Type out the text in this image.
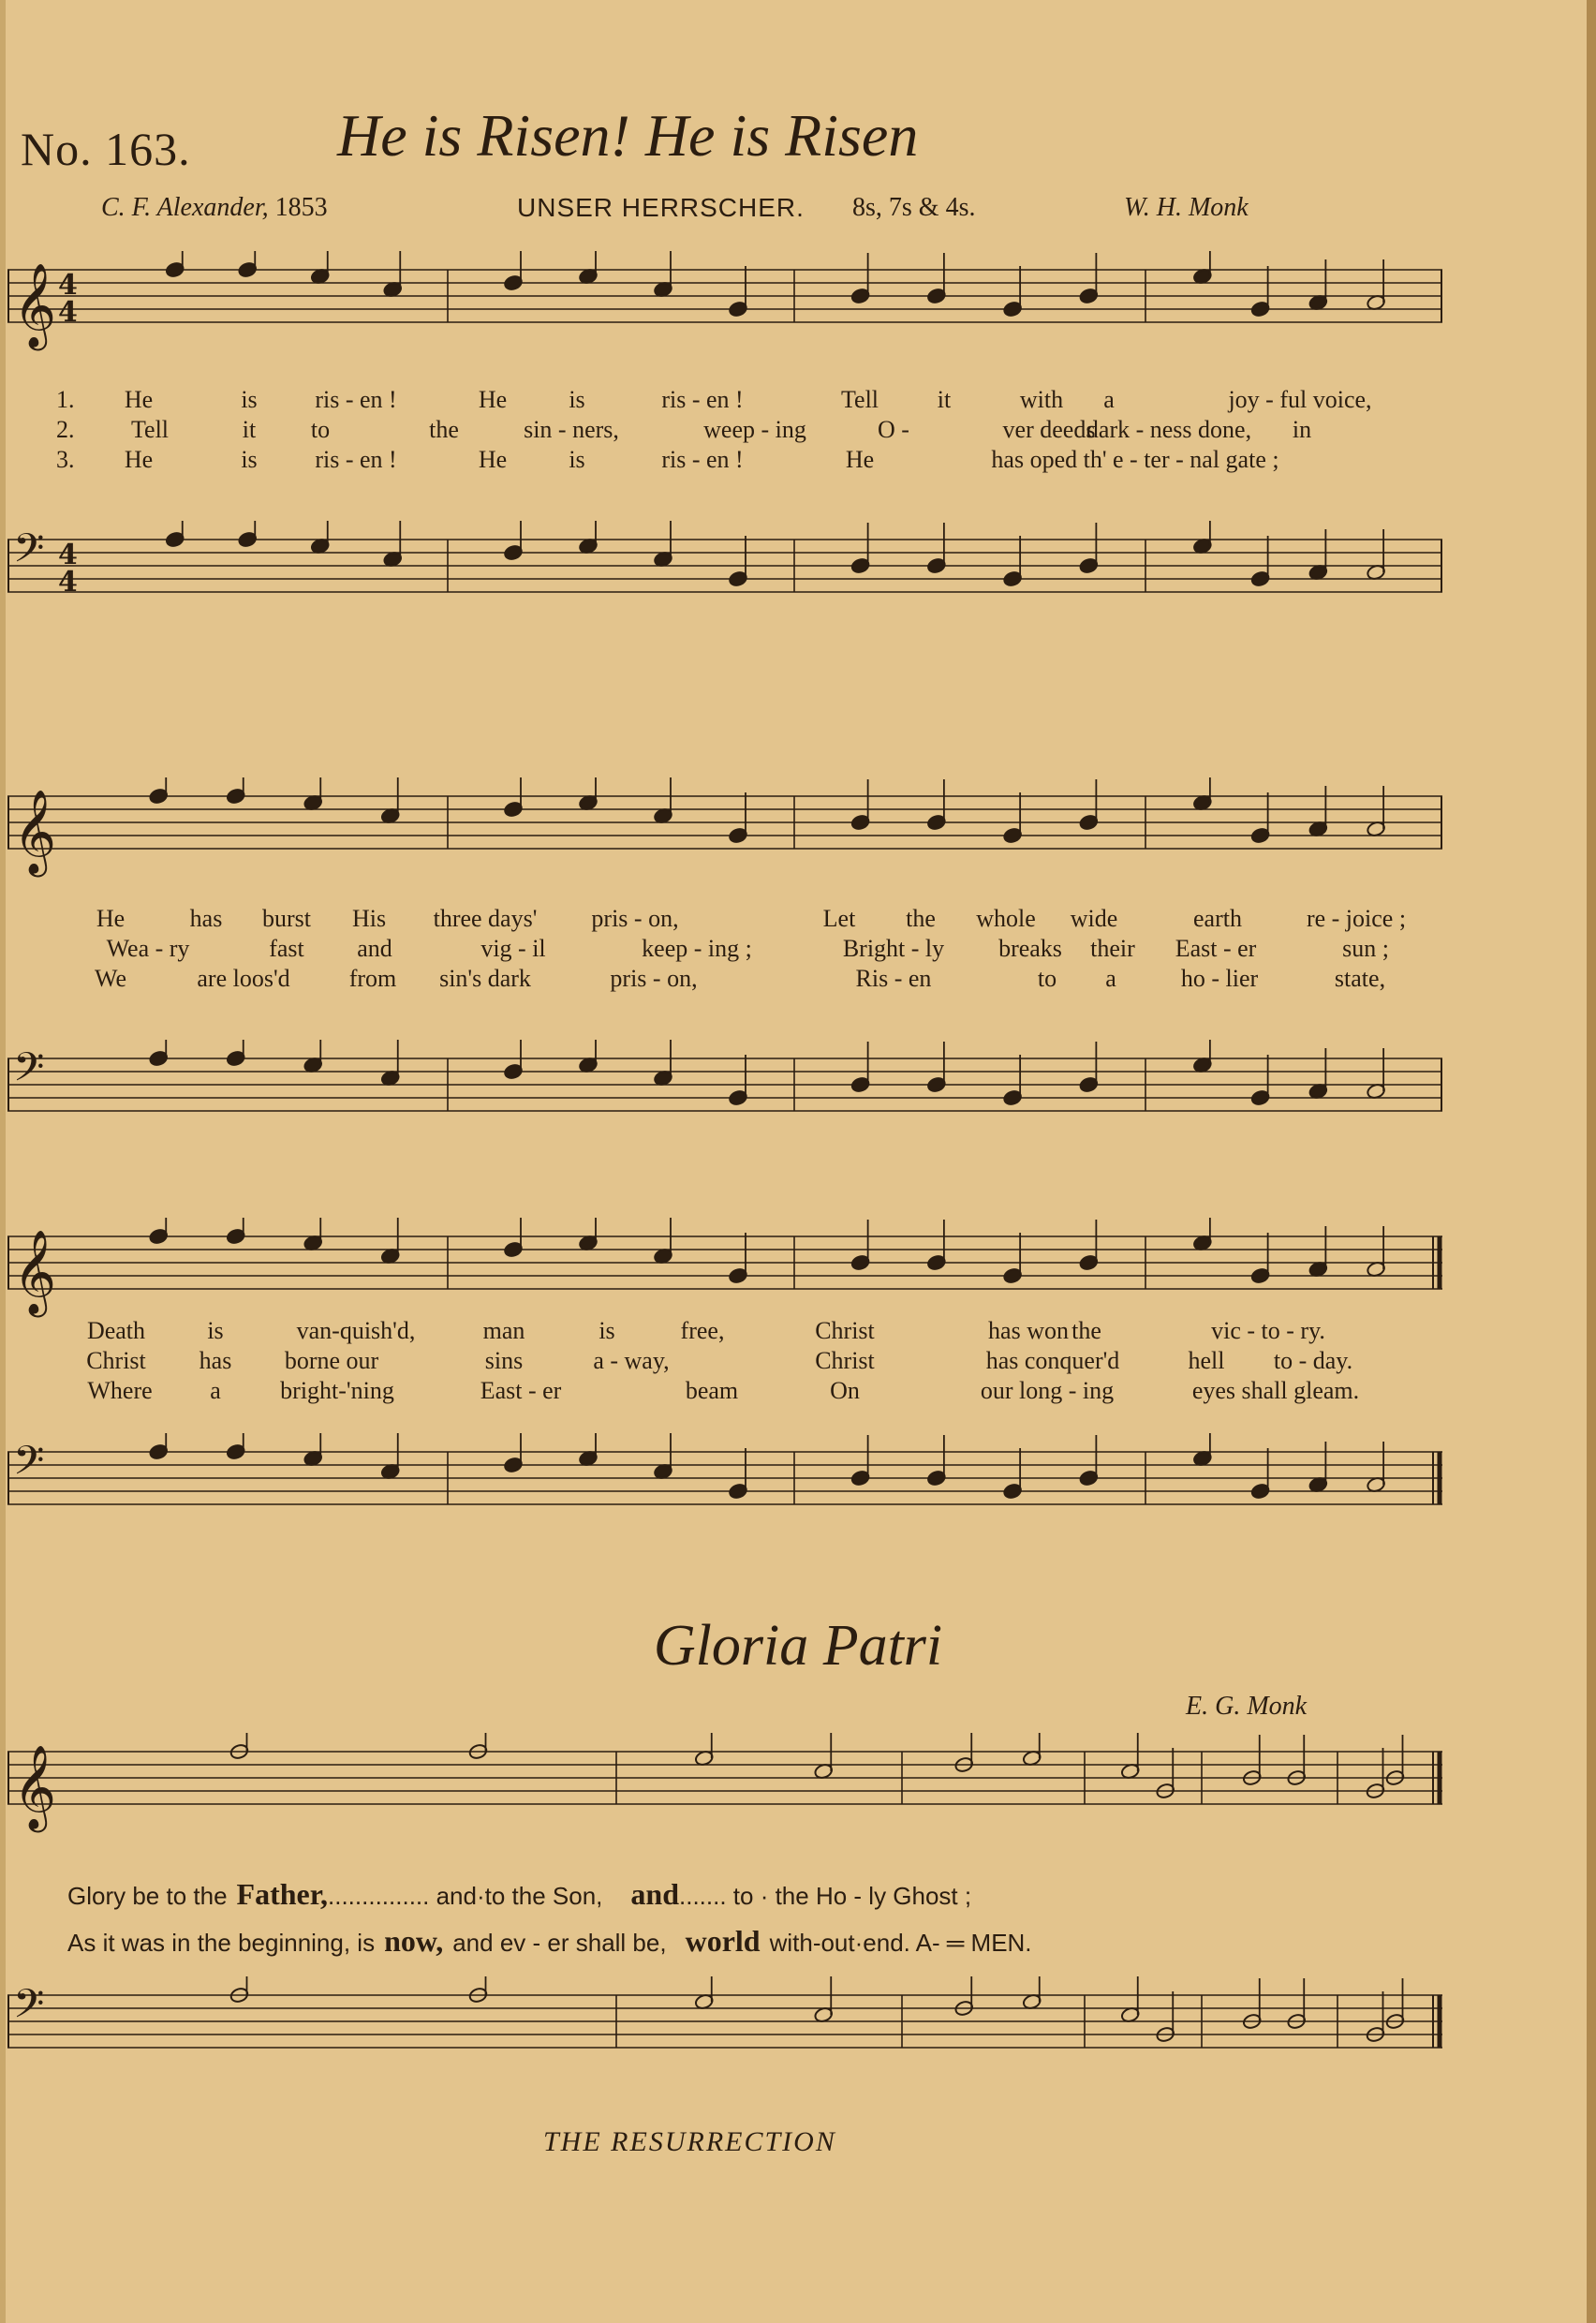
No. 163. He is Risen! He is Risen
C. F. Alexander, 1853	UNSER HERRSCHER. 8s, 7s & 4s.	W. H. Monk
𝄞 4
4
1. He	is ris - en !	He	is	ris - en !	Tell it	with a	joy - ful voice,
2. Tell	it to	the	sin - ners,	weep - ing	O -	ver deeds	in
dark - ness done,
3. He	is ris - en !	He	is	ris - en !	He	has oped th' e - ter - nal gate ;
𝄢 4
4
𝄞
He	has burst His three days' pris - on,	Let the whole wide	earth	re - joice ;
Wea - ry	fast and	vig - il	keep - ing ;	Bright - ly breaks their East - er	sun ;
We	are loos'd from sin's dark	pris - on,	Ris - en	to a	ho - lier	state,
𝄢
𝄞
Death	is	van-quish'd,	man	is	free,	Christ	has won the	vic - to - ry.
Christ has borne our	sins	a - way,	Christ	has conquer'd	hell to - day.
Where a bright-'ning	East - er	beam	On	our long - ing	eyes shall gleam.
𝄢
Gloria Patri
E. G. Monk
𝄞
Glory be to the Father,............... and·to the Son, and....... to · the Ho - ly Ghost ;
As it was in the beginning, is now, and ev - er shall be, world with-out·end. A- ═ MEN.
𝄢
THE RESURRECTION
